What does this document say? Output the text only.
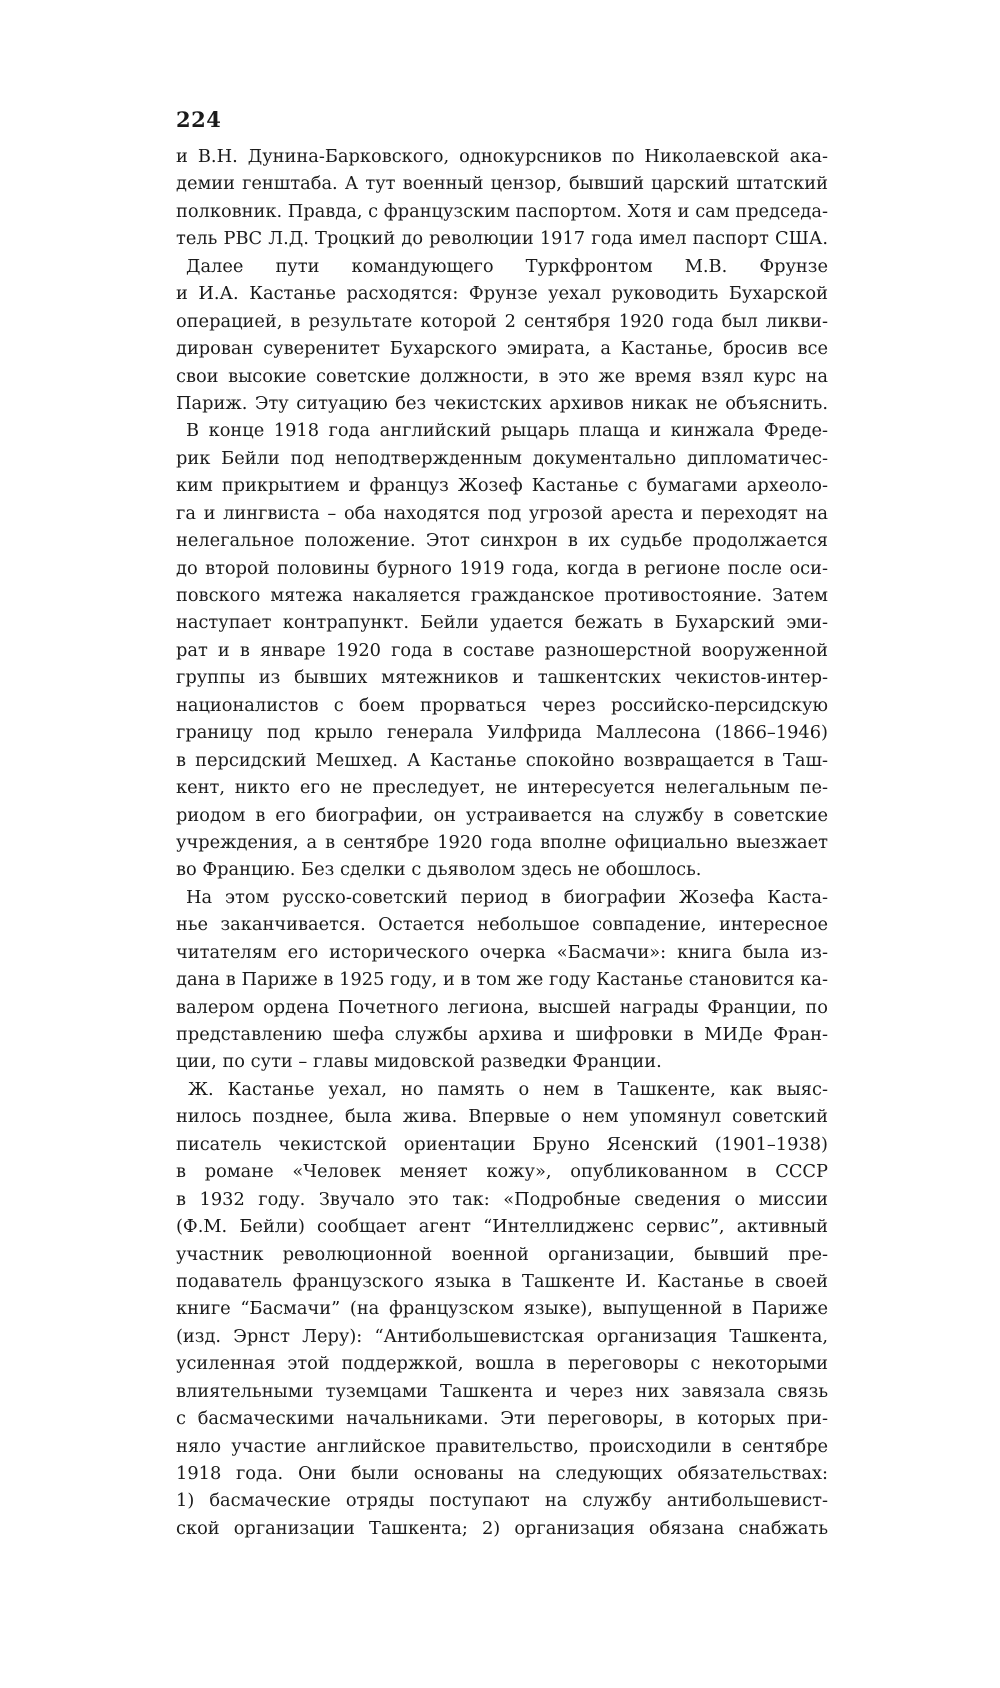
224
и В.Н. Дунина-Барковского, однокурсников по Николаевской ака-
демии генштаба. А тут военный цензор, бывший царский штатский
полковник. Правда, с французским паспортом. Хотя и сам председа-
тель РВС Л.Д. Троцкий до революции 1917 года имел паспорт США.
Далее пути командующего Туркфронтом М.В. Фрунзе
и И.А. Кастанье расходятся: Фрунзе уехал руководить Бухарской
операцией, в результате которой 2 сентября 1920 года был ликви-
дирован суверенитет Бухарского эмирата, а Кастанье, бросив все
свои высокие советские должности, в это же время взял курс на
Париж. Эту ситуацию без чекистских архивов никак не объяснить.
В конце 1918 года английский рыцарь плаща и кинжала Фреде-
рик Бейли под неподтвержденным документально дипломатичес-
ким прикрытием и француз Жозеф Кастанье с бумагами археоло-
га и лингвиста – оба находятся под угрозой ареста и переходят на
нелегальное положение. Этот синхрон в их судьбе продолжается
до второй половины бурного 1919 года, когда в регионе после оси-
повского мятежа накаляется гражданское противостояние. Затем
наступает контрапункт. Бейли удается бежать в Бухарский эми-
рат и в январе 1920 года в составе разношерстной вооруженной
группы из бывших мятежников и ташкентских чекистов-интер-
националистов с боем прорваться через российско-персидскую
границу под крыло генерала Уилфрида Маллесона (1866–1946)
в персидский Мешхед. А Кастанье спокойно возвращается в Таш-
кент, никто его не преследует, не интересуется нелегальным пе-
риодом в его биографии, он устраивается на службу в советские
учреждения, а в сентябре 1920 года вполне официально выезжает
во Францию. Без сделки с дьяволом здесь не обошлось.
На этом русско-советский период в биографии Жозефа Каста-
нье заканчивается. Остается небольшое совпадение, интересное
читателям его исторического очерка «Басмачи»: книга была из-
дана в Париже в 1925 году, и в том же году Кастанье становится ка-
валером ордена Почетного легиона, высшей награды Франции, по
представлению шефа службы архива и шифровки в МИДе Фран-
ции, по сути – главы мидовской разведки Франции.
Ж. Кастанье уехал, но память о нем в Ташкенте, как выяс-
нилось позднее, была жива. Впервые о нем упомянул советский
писатель чекистской ориентации Бруно Ясенский (1901–1938)
в романе «Человек меняет кожу», опубликованном в СССР
в 1932 году. Звучало это так: «Подробные сведения о миссии
(Ф.М. Бейли) сообщает агент “Интеллидженс сервис”, активный
участник революционной военной организации, бывший пре-
подаватель французского языка в Ташкенте И. Кастанье в своей
книге “Басмачи” (на французском языке), выпущенной в Париже
(изд. Эрнст Леру): “Антибольшевистская организация Ташкента,
усиленная этой поддержкой, вошла в переговоры с некоторыми
влиятельными туземцами Ташкента и через них завязала связь
с басмаческими начальниками. Эти переговоры, в которых при-
няло участие английское правительство, происходили в сентябре
1918 года. Они были основаны на следующих обязательствах:
1) басмаческие отряды поступают на службу антибольшевист-
ской организации Ташкента; 2) организация обязана снабжать
